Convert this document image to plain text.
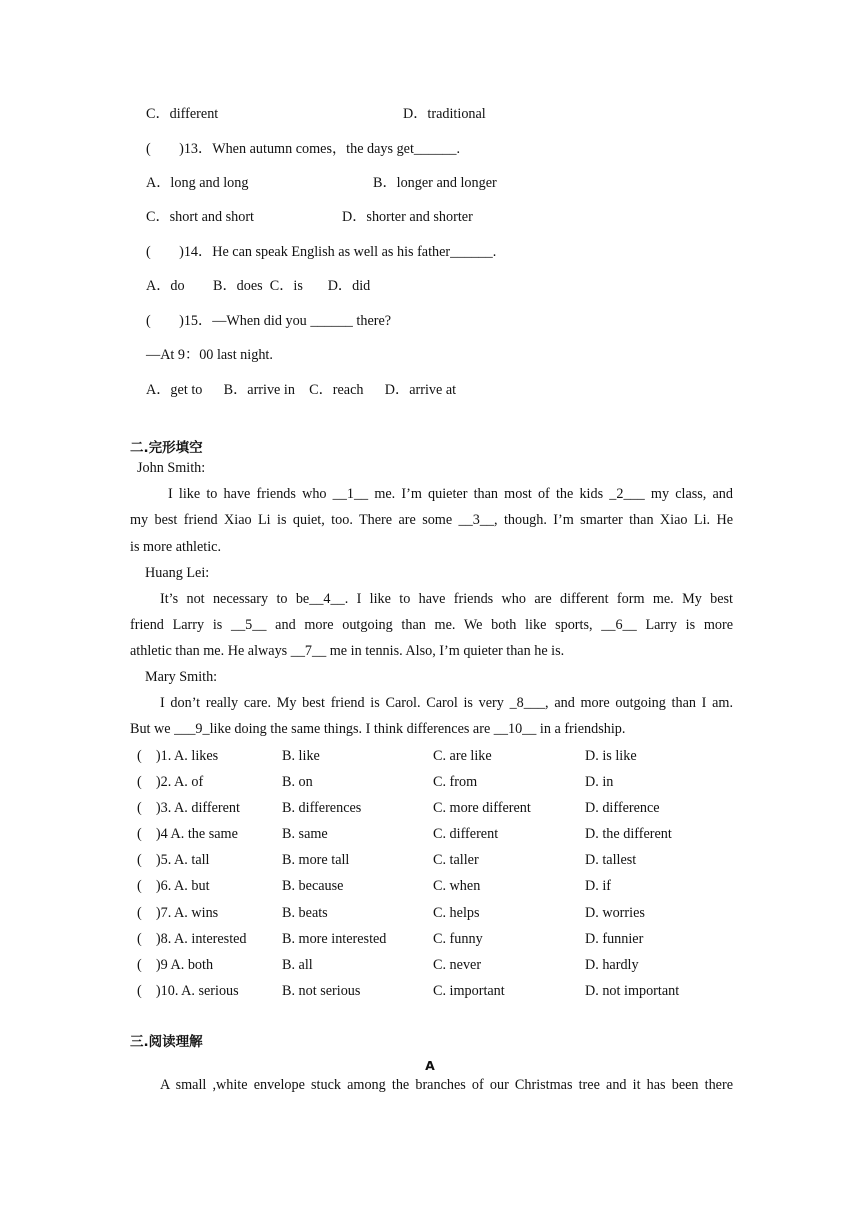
C．different	D．traditional
(　　)13．When autumn comes，the days get______.
A．long and long	B．longer and longer
C．short and short	D．shorter and shorter
(　　)14．He can speak English as well as his father______.
A．do        B．does  C．is       D．did
(　　)15．—When did you ______ there?
—At 9：00 last night.
A．get to      B．arrive in    C．reach      D．arrive at
二.完形填空
John Smith:
I like to have friends who __1__ me. I’m quieter than most of the kids _2___ my class, and
my best friend Xiao Li is quiet, too. There are some __3__, though. I’m smarter than Xiao Li. He
is more athletic.
Huang Lei:
It’s not necessary to be__4__. I like to have friends who are different form me. My best
friend Larry is __5__ and more outgoing than me. We both like sports, __6__ Larry is more
athletic than me. He always __7__ me in tennis. Also, I’m quieter than he is.
Mary Smith:
I don’t really care. My best friend is Carol. Carol is very _8___, and more outgoing than I am.
But we ___9_like doing the same things. I think differences are __10__ in a friendship.
(    )1. A. likes	B. like	C. are like	D. is like
(    )2. A. of	B. on	C. from	D. in
(    )3. A. different	B. differences	C. more different	D. difference
(    )4 A. the same	B. same	C. different	D. the different
(    )5. A. tall	B. more tall	C. taller	D. tallest
(    )6. A. but	B. because	C. when	D. if
(    )7. A. wins	B. beats	C. helps	D. worries
(    )8. A. interested B. more interested	C. funny	D. funnier
(    )9 A. both	B. all	C. never	D. hardly
(    )10. A. serious	B. not serious	C. important	D. not important
三.阅读理解
A
A small ,white envelope stuck among the branches of our Christmas tree and it has been there
